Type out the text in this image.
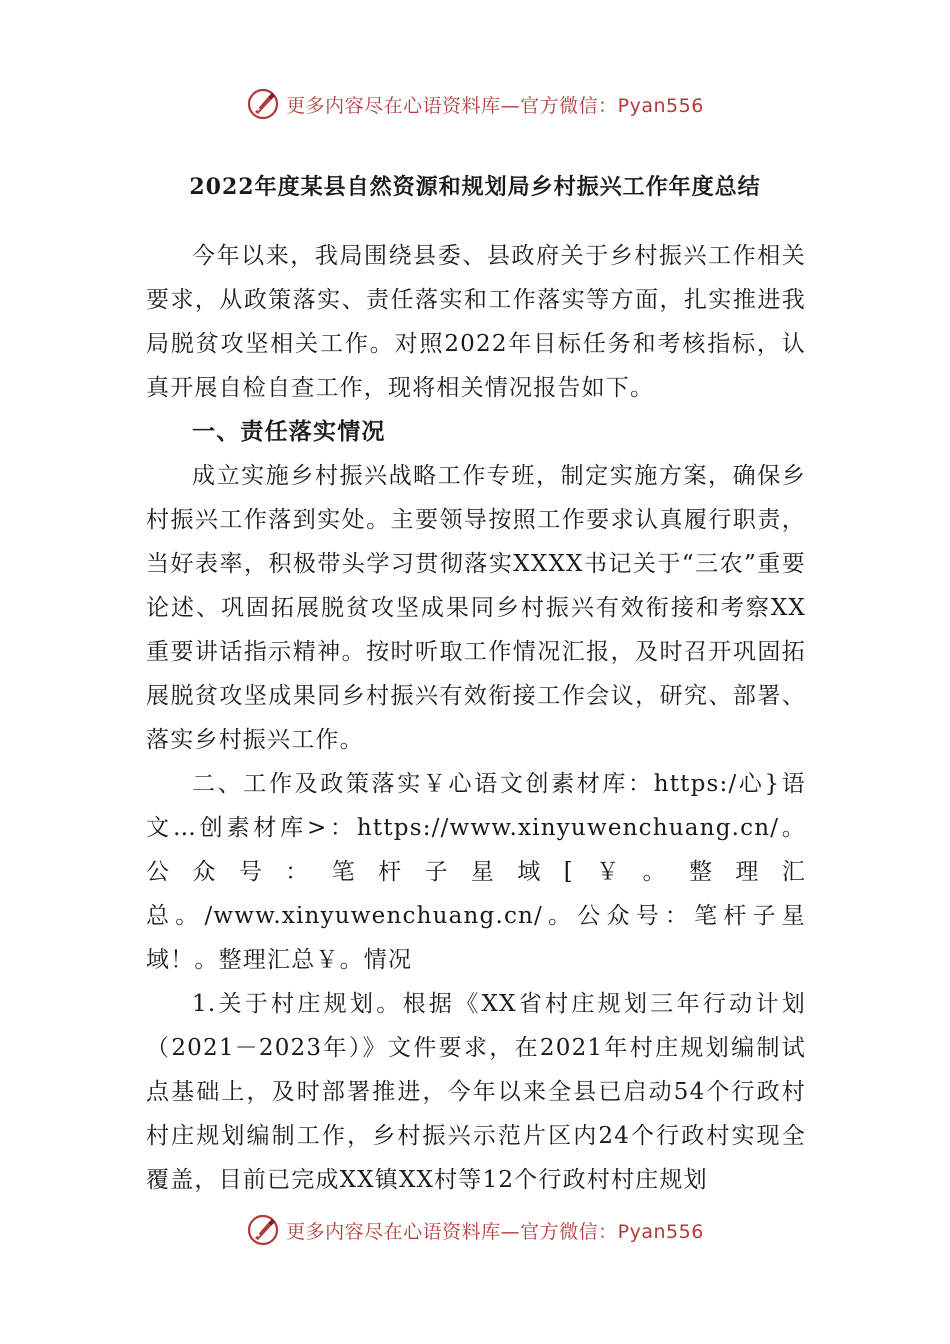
更多内容尽在心语资料库—官方微信：Pyan556
2022年度某县自然资源和规划局乡村振兴工作年度总结

今年以来，我局围绕县委、县政府关于乡村振兴工作相关要求，从政策落实、责任落实和工作落实等方面，扎实推进我局脱贫攻坚相关工作。对照2022年目标任务和考核指标，认真开展自检自查工作，现将相关情况报告如下。

一、责任落实情况

成立实施乡村振兴战略工作专班，制定实施方案，确保乡村振兴工作落到实处。主要领导按照工作要求认真履行职责，当好表率，积极带头学习贯彻落实XXXX书记关于“三农”重要论述、巩固拓展脱贫攻坚成果同乡村振兴有效衔接和考察XX重要讲话指示精神。按时听取工作情况汇报，及时召开巩固拓展脱贫攻坚成果同乡村振兴有效衔接工作会议，研究、部署、落实乡村振兴工作。

二、工作及政策落实￥心语文创素材库：https:/心}语文…创素材库>：https://www.xinyuwenchuang.cn/。公众号：笔杆子星域[￥。整理汇总。/www.xinyuwenchuang.cn/。公众号：笔杆子星域！。整理汇总￥。情况

1.关于村庄规划。根据《XX省村庄规划三年行动计划（2021－2023年）》文件要求，在2021年村庄规划编制试点基础上，及时部署推进，今年以来全县已启动54个行政村村庄规划编制工作，乡村振兴示范片区内24个行政村实现全覆盖，目前已完成XX镇XX村等12个行政村村庄规划

更多内容尽在心语资料库—官方微信：Pyan556
